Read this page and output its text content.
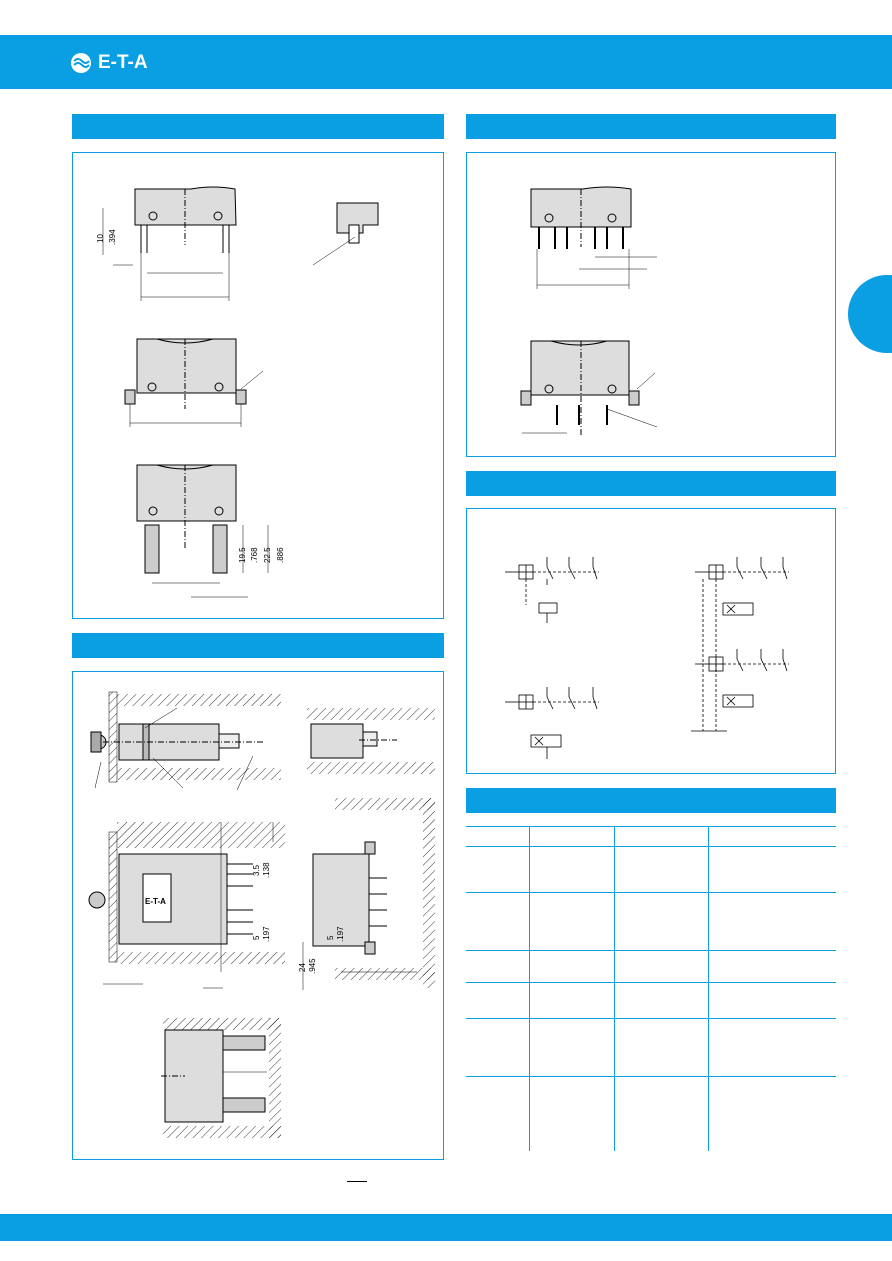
E-T-A
10 .394
19.5 .768 22.5 .886
E-T-A
3.5 .138
5 .197
24 .945
5 .197
